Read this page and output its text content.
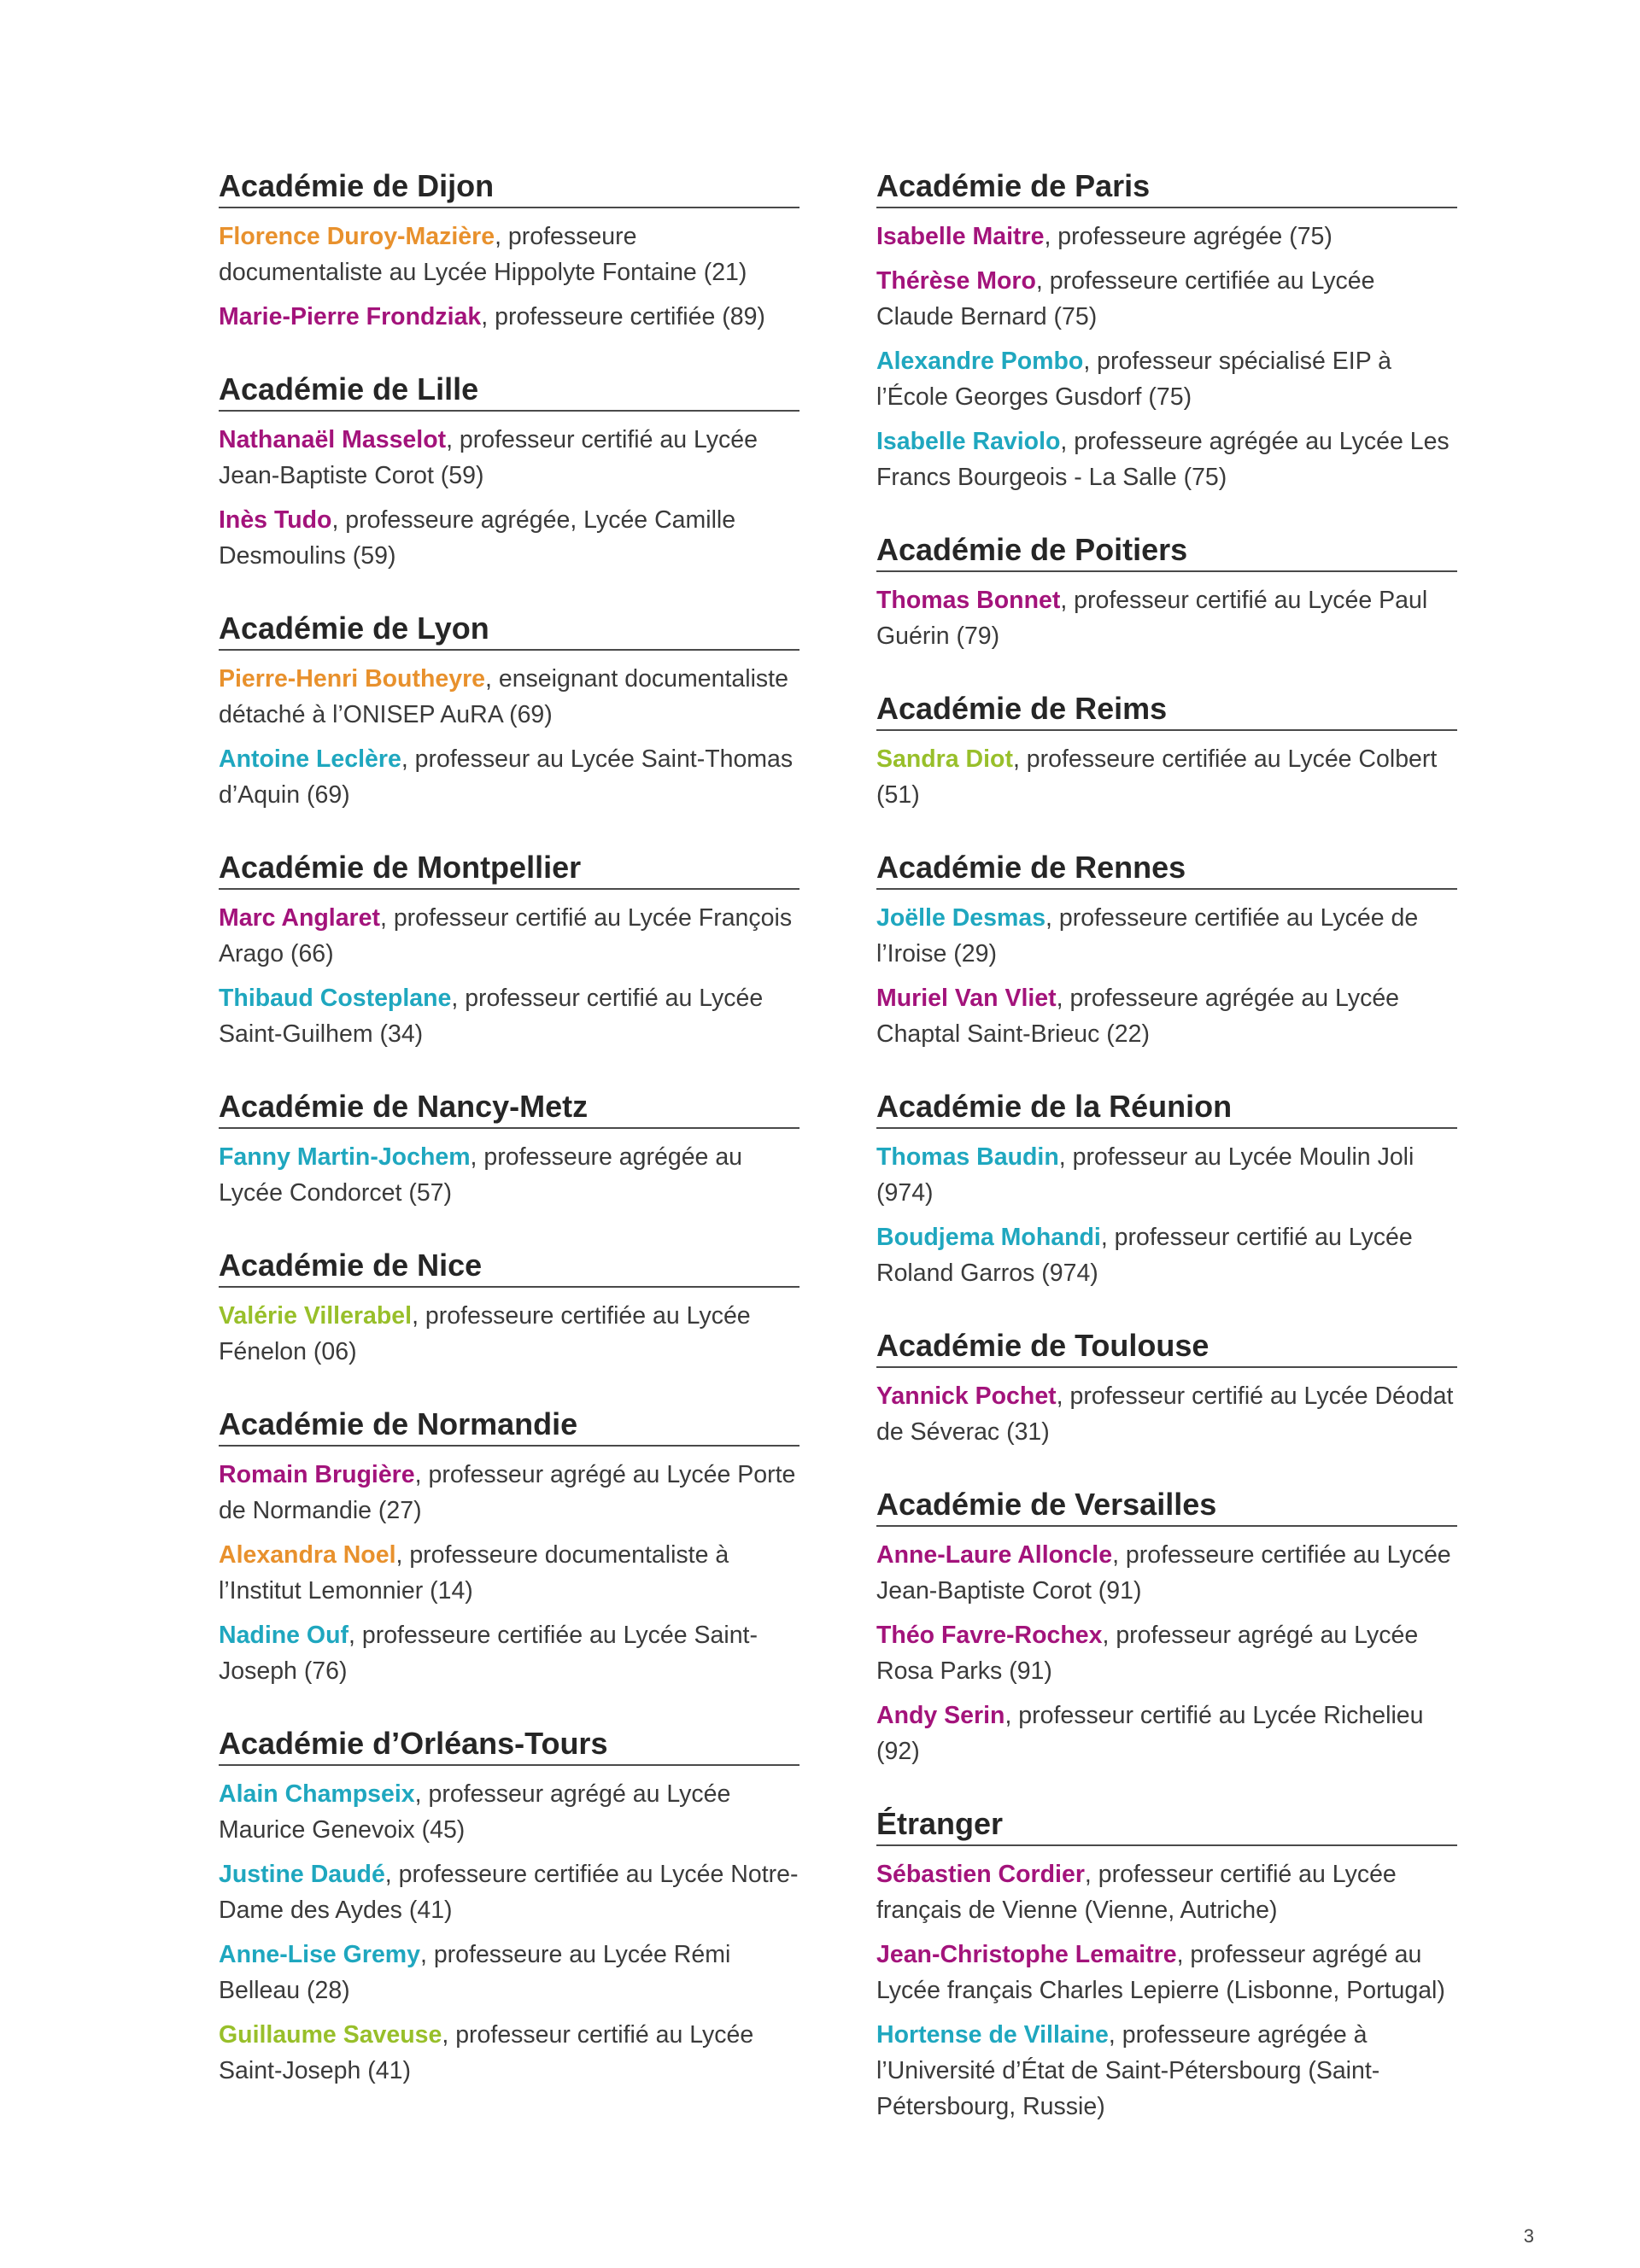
Académie de Dijon
Florence Duroy-Mazière, professeure documentaliste au Lycée Hippolyte Fontaine (21)
Marie-Pierre Frondziak, professeure certifiée (89)
Académie de Lille
Nathanaël Masselot, professeur certifié au Lycée Jean-Baptiste Corot (59)
Inès Tudo, professeure agrégée, Lycée Camille Desmoulins (59)
Académie de Lyon
Pierre-Henri Boutheyre, enseignant documentaliste détaché à l’ONISEP AuRA (69)
Antoine Leclère, professeur au Lycée Saint-Thomas d’Aquin (69)
Académie de Montpellier
Marc Anglaret, professeur certifié au Lycée François Arago (66)
Thibaud Costeplane, professeur certifié au Lycée Saint-Guilhem (34)
Académie de Nancy-Metz
Fanny Martin-Jochem, professeure agrégée au Lycée Condorcet (57)
Académie de Nice
Valérie Villerabel, professeure certifiée au Lycée Fénelon (06)
Académie de Normandie
Romain Brugière, professeur agrégé au Lycée Porte de Normandie (27)
Alexandra Noel, professeure documentaliste à l’Institut Lemonnier (14)
Nadine Ouf, professeure certifiée au Lycée Saint-Joseph (76)
Académie d’Orléans-Tours
Alain Champseix, professeur agrégé au Lycée Maurice Genevoix (45)
Justine Daudé, professeure certifiée au Lycée Notre-Dame des Aydes (41)
Anne-Lise Gremy, professeure au Lycée Rémi Belleau (28)
Guillaume Saveuse, professeur certifié au Lycée Saint-Joseph (41)
Académie de Paris
Isabelle Maitre, professeure agrégée (75)
Thérèse Moro, professeure certifiée au Lycée Claude Bernard (75)
Alexandre Pombo, professeur spécialisé EIP à l’École Georges Gusdorf (75)
Isabelle Raviolo, professeure agrégée au Lycée Les Francs Bourgeois - La Salle (75)
Académie de Poitiers
Thomas Bonnet, professeur certifié au Lycée Paul Guérin (79)
Académie de Reims
Sandra Diot, professeure certifiée au Lycée Colbert (51)
Académie de Rennes
Joëlle Desmas, professeure certifiée au Lycée de l’Iroise (29)
Muriel Van Vliet, professeure agrégée au Lycée Chaptal Saint-Brieuc (22)
Académie de la Réunion
Thomas Baudin, professeur au Lycée Moulin Joli (974)
Boudjema Mohandi, professeur certifié au Lycée Roland Garros (974)
Académie de Toulouse
Yannick Pochet, professeur certifié au Lycée Déodat de Séverac (31)
Académie de Versailles
Anne-Laure Alloncle, professeure certifiée au Lycée Jean-Baptiste Corot (91)
Théo Favre-Rochex, professeur agrégé au Lycée Rosa Parks (91)
Andy Serin, professeur certifié au Lycée Richelieu (92)
Étranger
Sébastien Cordier, professeur certifié au Lycée français de Vienne (Vienne, Autriche)
Jean-Christophe Lemaitre, professeur agrégé au Lycée français Charles Lepierre (Lisbonne, Portugal)
Hortense de Villaine, professeure agrégée à l’Université d’État de Saint-Pétersbourg (Saint-Pétersbourg, Russie)
3
